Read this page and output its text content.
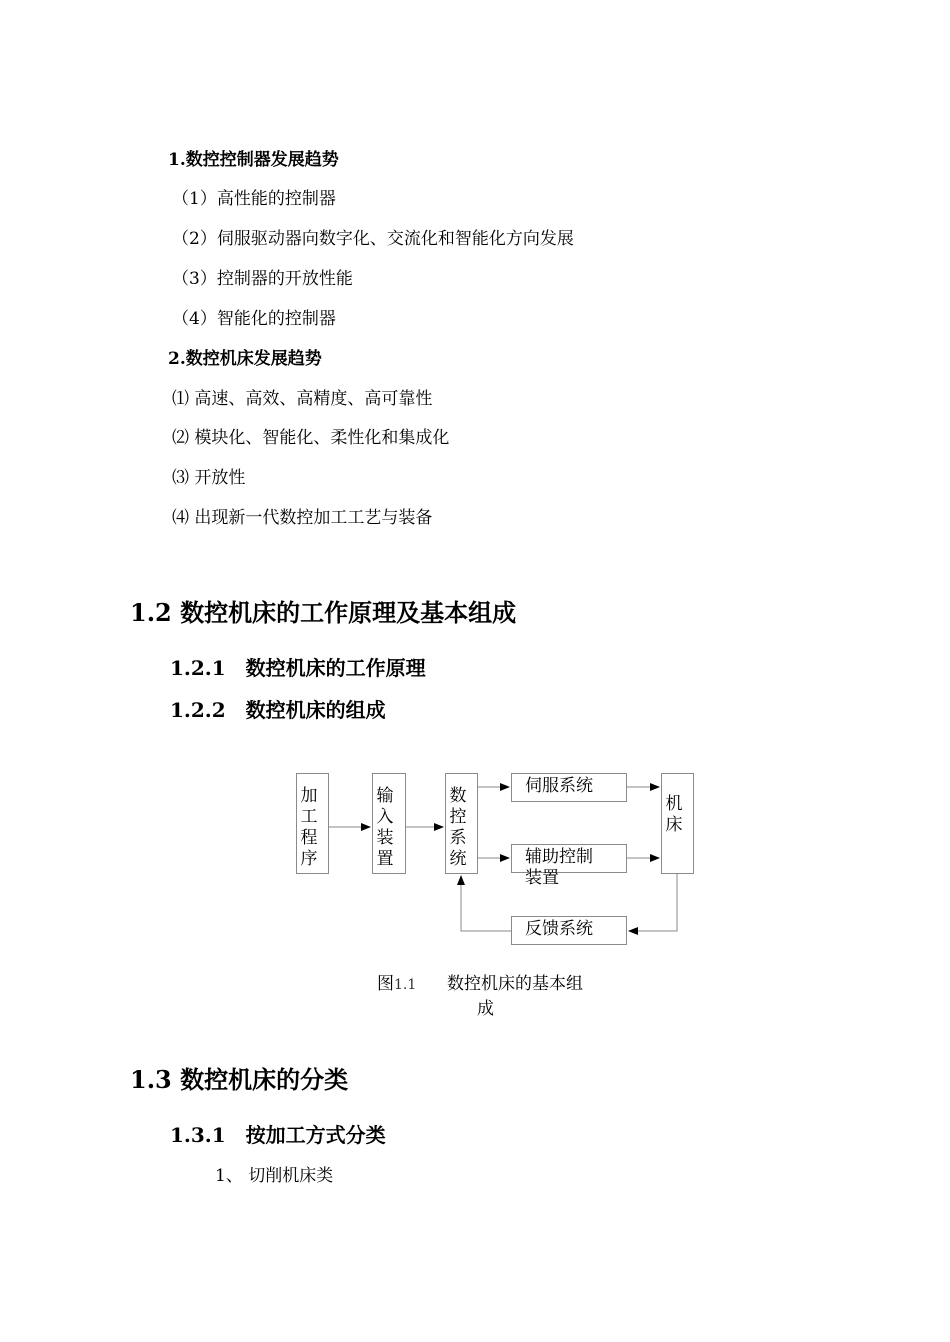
1.数控控制器发展趋势
（1）高性能的控制器
（2）伺服驱动器向数字化、交流化和智能化方向发展
（3）控制器的开放性能
（4）智能化的控制器
2.数控机床发展趋势
⑴ 高速、高效、高精度、高可靠性
⑵ 模块化、智能化、柔性化和集成化
⑶ 开放性
⑷ 出现新一代数控加工工艺与装备
1.2 数控机床的工作原理及基本组成
1.2.1　数控机床的工作原理
1.2.2　数控机床的组成
加
工
程
序
输
入
装
置
数
控
系
统
伺服系统
辅助控制
装置
反馈系统
机
床
图1.1 数控机床的基本组
成
1.3 数控机床的分类
1.3.1　按加工方式分类
1、 切削机床类
